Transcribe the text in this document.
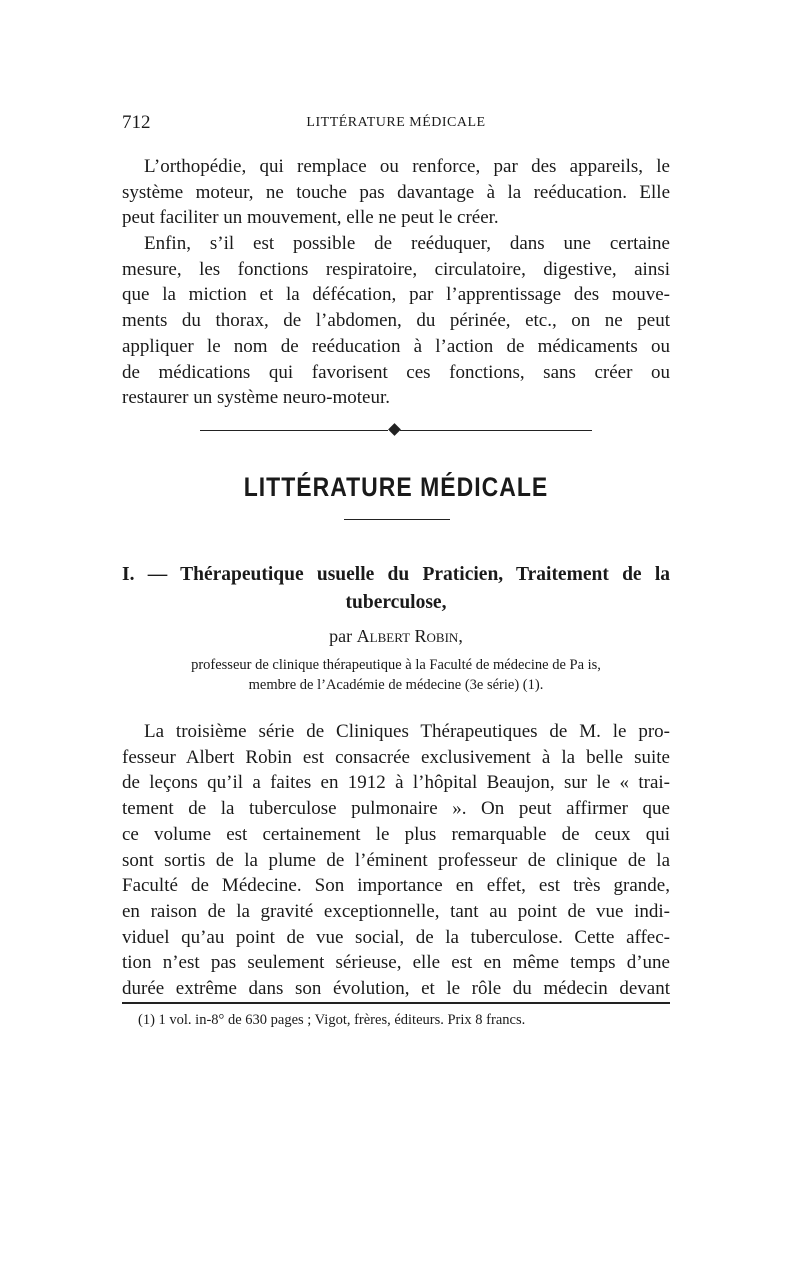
712	LITTÉRATURE MÉDICALE

L’orthopédie, qui remplace ou renforce, par des appareils, le
système moteur, ne touche pas davantage à la reéducation. Elle
peut faciliter un mouvement, elle ne peut le créer.

Enfin, s’il est possible de reéduquer, dans une certaine
mesure, les fonctions respiratoire, circulatoire, digestive, ainsi
que la miction et la défécation, par l’apprentissage des mouve-
ments du thorax, de l’abdomen, du périnée, etc., on ne peut
appliquer le nom de reéducation à l’action de médicaments ou
de médications qui favorisent ces fonctions, sans créer ou
restaurer un système neuro-moteur.

LITTÉRATURE MÉDICALE
I. — Thérapeutique usuelle du Praticien, Traitement de la
tuberculose,
par Albert Robin,
professeur de clinique thérapeutique à la Faculté de médecine de Pa is,
membre de l’Académie de médecine (3e série) (1).

La troisième série de Cliniques Thérapeutiques de M. le pro-
fesseur Albert Robin est consacrée exclusivement à la belle suite
de leçons qu’il a faites en 1912 à l’hôpital Beaujon, sur le « trai-
tement de la tuberculose pulmonaire ». On peut affirmer que
ce volume est certainement le plus remarquable de ceux qui
sont sortis de la plume de l’éminent professeur de clinique de la
Faculté de Médecine. Son importance en effet, est très grande,
en raison de la gravité exceptionnelle, tant au point de vue indi-
viduel qu’au point de vue social, de la tuberculose. Cette affec-
tion n’est pas seulement sérieuse, elle est en même temps d’une
durée extrême dans son évolution, et le rôle du médecin devant

(1) 1 vol. in-8° de 630 pages ; Vigot, frères, éditeurs. Prix 8 francs.
